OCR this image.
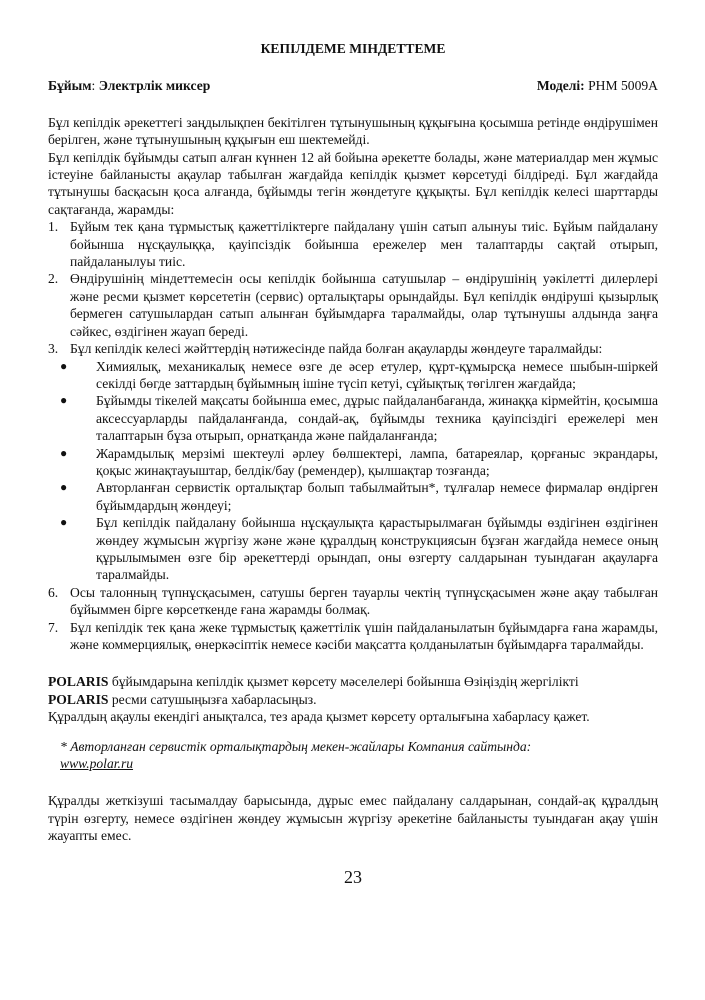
КЕПІЛДЕМЕ МІНДЕТТЕМЕ
Бұйым: Электрлік миксер	Моделі: PHM 5009A

Бұл кепілдік әрекеттегі заңдылықпен бекітілген тұтынушының құқығына қосымша ретінде өндірушімен берілген, және тұтынушының құқығын еш шектемейді.

Бұл кепілдік бұйымды сатып алған күннен 12 ай бойына әрекетте болады, және материалдар мен жұмыс істеуіне байланысты ақаулар табылған жағдайда кепілдік қызмет көрсетуді білдіреді. Бұл жағдайда тұтынушы басқасын қоса алғанда, бұйымды тегін жөндетуге құқықты. Бұл кепілдік келесі шарттарды сақтағанда, жарамды:

1. Бұйым тек қана тұрмыстық қажеттіліктерге пайдалану үшін сатып алынуы тиіс. Бұйым пайдалану бойынша нұсқаулыққа, қауіпсіздік бойынша ережелер мен талаптарды сақтай отырып, пайдаланылуы тиіс.
2. Өндірушінің міндеттемесін осы кепілдік бойынша сатушылар – өндірушінің уәкілетті дилерлері және ресми қызмет көрсететін (сервис) орталықтары орындайды. Бұл кепілдік өндіруші қызырлық бермеген сатушылардан сатып алынған бұйымдарға таралмайды, олар тұтынушы алдында заңға сәйкес, өздігінен жауап береді.
3. Бұл кепілдік келесі жәйттердің нәтижесінде пайда болған ақауларды жөндеуге таралмайды:
● Химиялық, механикалық немесе өзге де әсер етулер, құрт-құмырсқа немесе шыбын-шіркей секілді бөгде заттардың бұйымның ішіне түсіп кетуі, сұйықтық төгілген жағдайда;
● Бұйымды тікелей мақсаты бойынша емес, дұрыс пайдаланбағанда, жинаққа кірмейтін, қосымша аксессуарларды пайдаланғанда, сондай-ақ, бұйымды техника қауіпсіздігі ережелері мен талаптарын бұза отырып, орнатқанда және пайдаланғанда;
● Жарамдылық мерзімі шектеулі әрлеу бөлшектері, лампа, батареялар, қорғаныс экрандары, қоқыс жинақтауыштар, белдік/бау (ремендер), қылшақтар тозғанда;
● Авторланған сервистік орталықтар болып табылмайтын*, тұлғалар немесе фирмалар өндірген бұйымдардың жөндеуі;
● Бұл кепілдік пайдалану бойынша нұсқаулықта қарастырылмаған бұйымды өздігінен өздігінен жөндеу жұмысын жүргізу және және құралдың конструкциясын бұзған жағдайда немесе оның құрылымымен өзге бір әрекеттерді орындап, оны өзгерту салдарынан туындаған ақауларға таралмайды.
6. Осы талонның түпнұсқасымен, сатушы берген тауарлы чектің түпнұсқасымен және ақау табылған бұйыммен бірге көрсеткенде ғана жарамды болмақ.
7. Бұл кепілдік тек қана жеке тұрмыстық қажеттілік үшін пайдаланылатын бұйымдарға ғана жарамды, және коммерциялық, өнеркәсіптік немесе кәсіби мақсатта қолданылатын бұйымдарға таралмайды.

POLARIS бұйымдарына кепілдік қызмет көрсету мәселелері бойынша Өзіңіздің жергілікті
POLARIS ресми сатушыңызға хабарласыңыз.
Құралдың ақаулы екендігі анықталса, тез арада қызмет көрсету орталығына хабарласу қажет.

* Авторланған сервистік орталықтардың мекен-жайлары Компания сайтында:
www.polar.ru

Құралды жеткізуші тасымалдау барысында, дұрыс емес пайдалану салдарынан, сондай-ақ құралдың түрін өзгерту, немесе өздігінен жөндеу жұмысын жүргізу әрекетіне байланысты туындаған ақау үшін жауапты емес.

23
